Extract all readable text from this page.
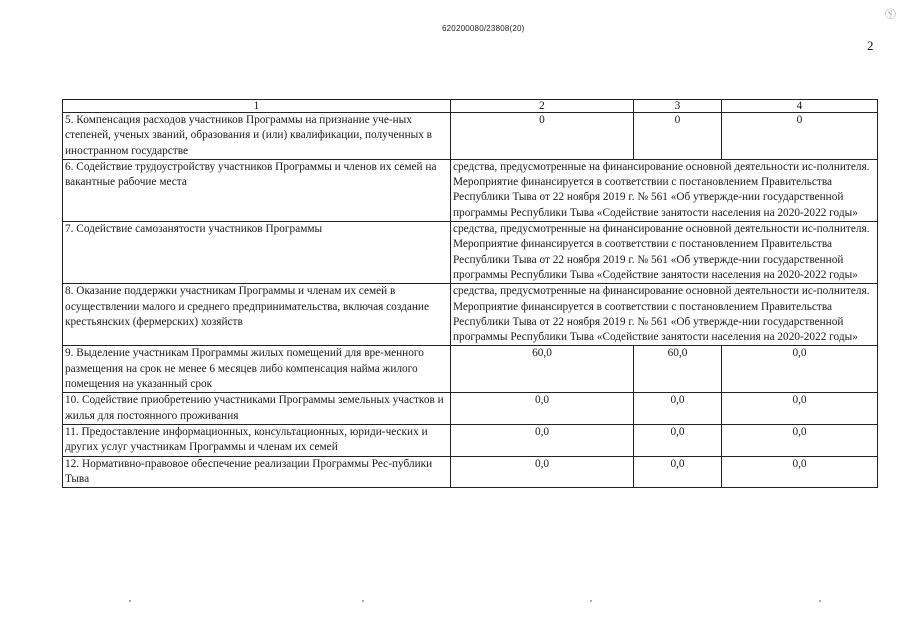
620200080/23808(20)
2
ⓨ
1	2	3	4
5. Компенсация расходов участников Программы на признание уче-ных степеней, ученых званий, образования и (или) квалификации, полученных в иностранном государстве	0	0	0
6. Содействие трудоустройству участников Программы и членов их семей на вакантные рабочие места	средства, предусмотренные на финансирование основной деятельности ис-полнителя. Мероприятие финансируется в соответствии с постановлением Правительства Республики Тыва от 22 ноября 2019 г. № 561 «Об утвержде-нии государственной программы Республики Тыва «Содействие занятости населения на 2020-2022 годы»		
7. Содействие самозанятости участников Программы	средства, предусмотренные на финансирование основной деятельности ис-полнителя. Мероприятие финансируется в соответствии с постановлением Правительства Республики Тыва от 22 ноября 2019 г. № 561 «Об утвержде-нии государственной программы Республики Тыва «Содействие занятости населения на 2020-2022 годы»		
8. Оказание поддержки участникам Программы и членам их семей в осуществлении малого и среднего предпринимательства, включая создание крестьянских (фермерских) хозяйств	средства, предусмотренные на финансирование основной деятельности ис-полнителя. Мероприятие финансируется в соответствии с постановлением Правительства Республики Тыва от 22 ноября 2019 г. № 561 «Об утвержде-нии государственной программы Республики Тыва «Содействие занятости населения на 2020-2022 годы»		
9. Выделение участникам Программы жилых помещений для вре-менного размещения на срок не менее 6 месяцев либо компенсация найма жилого помещения на указанный срок	60,0	60,0	0,0
10. Содействие приобретению участниками Программы земельных участков и жилья для постоянного проживания	0,0	0,0	0,0
11. Предоставление информационных, консультационных, юриди-ческих и других услуг участникам Программы и членам их семей	0,0	0,0	0,0
12. Нормативно-правовое обеспечение реализации Программы Рес-публики Тыва	0,0	0,0	0,0
